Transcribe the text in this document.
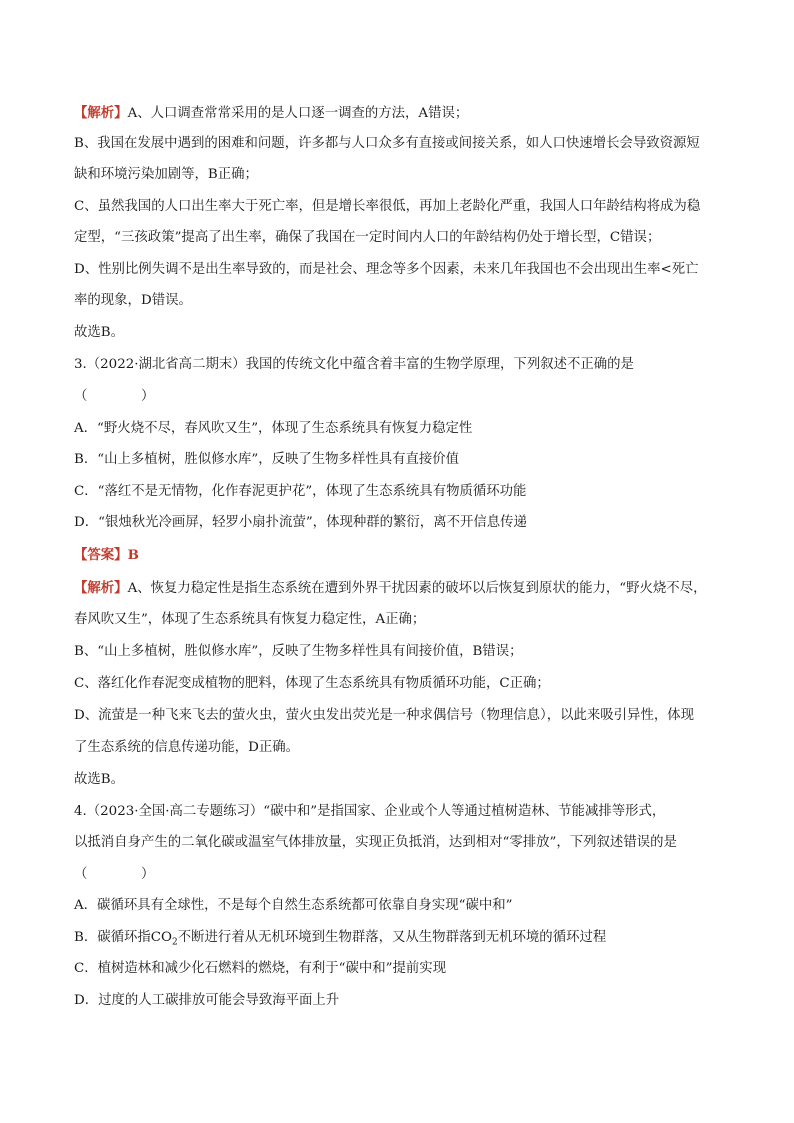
【解析】A、人口调查常常采用的是人口逐一调查的方法，A错误；
B、我国在发展中遇到的困难和问题，许多都与人口众多有直接或间接关系，如人口快速增长会导致资源短
缺和环境污染加剧等，B正确；
C、虽然我国的人口出生率大于死亡率，但是增长率很低，再加上老龄化严重，我国人口年龄结构将成为稳
定型，“三孩政策”提高了出生率，确保了我国在一定时间内人口的年龄结构仍处于增长型，C错误；
D、性别比例失调不是出生率导致的，而是社会、理念等多个因素，未来几年我国也不会出现出生率<死亡
率的现象，D错误。
故选B。
3.（2022·湖北省高二期末）我国的传统文化中蕴含着丰富的生物学原理，下列叙述不正确的是
（　　　　）
A．“野火烧不尽，春风吹又生”，体现了生态系统具有恢复力稳定性
B．“山上多植树，胜似修水库”，反映了生物多样性具有直接价值
C．“落红不是无情物，化作春泥更护花”，体现了生态系统具有物质循环功能
D．“银烛秋光冷画屏，轻罗小扇扑流萤”，体现种群的繁衍，离不开信息传递
【答案】B
【解析】A、恢复力稳定性是指生态系统在遭到外界干扰因素的破坏以后恢复到原状的能力，“野火烧不尽，
春风吹又生”，体现了生态系统具有恢复力稳定性，A正确；
B、“山上多植树，胜似修水库”，反映了生物多样性具有间接价值，B错误；
C、落红化作春泥变成植物的肥料，体现了生态系统具有物质循环功能，C正确；
D、流萤是一种飞来飞去的萤火虫，萤火虫发出荧光是一种求偶信号（物理信息），以此来吸引异性，体现
了生态系统的信息传递功能，D正确。
故选B。
4.（2023·全国·高二专题练习）“碳中和”是指国家、企业或个人等通过植树造林、节能减排等形式，
以抵消自身产生的二氧化碳或温室气体排放量，实现正负抵消，达到相对“零排放”，下列叙述错误的是
（　　　　）
A．碳循环具有全球性，不是每个自然生态系统都可依靠自身实现“碳中和”
B．碳循环指$CO_2$不断进行着从无机环境到生物群落，又从生物群落到无机环境的循环过程
C．植树造林和减少化石燃料的燃烧，有利于“碳中和”提前实现
D．过度的人工碳排放可能会导致海平面上升
